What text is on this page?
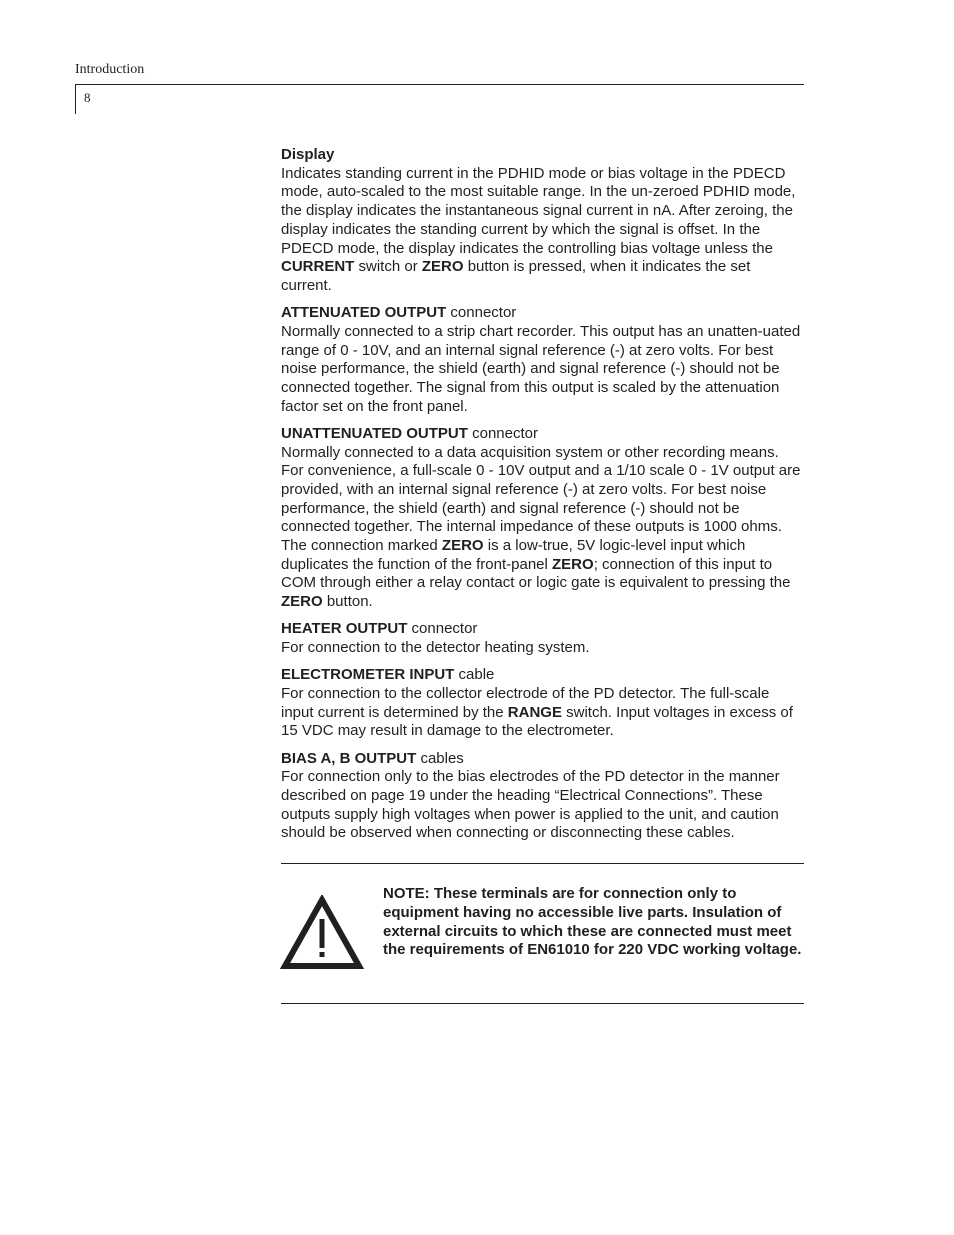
Introduction
8

Display

Indicates standing current in the PDHID mode or bias voltage in the PDECD mode, auto-scaled to the most suitable range. In the un-zeroed PDHID mode, the display indicates the instantaneous signal current in nA. After zeroing, the display indicates the standing current by which the signal is offset. In the PDECD mode, the display indicates the controlling bias voltage unless the CURRENT switch or ZERO button is pressed, when it indicates the set current.

ATTENUATED OUTPUT connector

Normally connected to a strip chart recorder. This output has an unatten-uated range of 0 - 10V, and an internal signal reference (-) at zero volts. For best noise performance, the shield (earth) and signal reference (-) should not be connected together. The signal from this output is scaled by the attenuation factor set on the front panel.

UNATTENUATED OUTPUT connector

Normally connected to a data acquisition system or other recording means. For convenience, a full-scale 0 - 10V output and a 1/10 scale 0 - 1V output are provided, with an internal signal reference (-) at zero volts. For best noise performance, the shield (earth) and signal reference (-) should not be connected together. The internal impedance of these outputs is 1000 ohms. The connection marked ZERO is a low-true, 5V logic-level input which duplicates the function of the front-panel ZERO; connection of this input to COM through either a relay contact or logic gate is equivalent to pressing the ZERO button.

HEATER OUTPUT connector

For connection to the detector heating system.

ELECTROMETER INPUT cable

For connection to the collector electrode of the PD detector. The full-scale input current is determined by the RANGE switch. Input voltages in excess of 15 VDC may result in damage to the electrometer.

BIAS A, B OUTPUT cables

For connection only to the bias electrodes of the PD detector in the manner described on page 19 under the heading “Electrical Connections”. These outputs supply high voltages when power is applied to the unit, and caution should be observed when connecting or disconnecting these cables.

NOTE: These terminals are for connection only to equipment having no accessible live parts. Insulation of external circuits to which these are connected must meet the requirements of EN61010 for 220 VDC working voltage.
